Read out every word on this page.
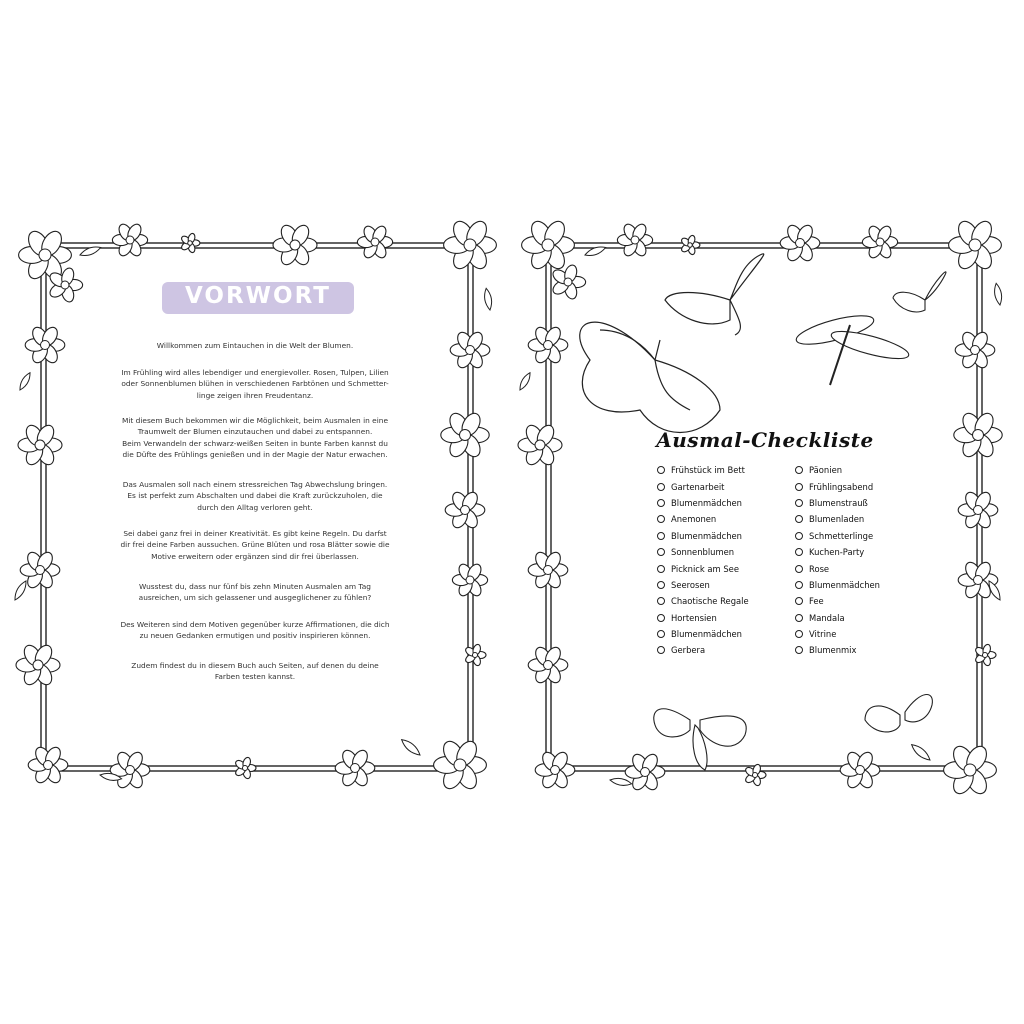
VORWORT
Willkommen zum Eintauchen in die Welt der Blumen.
Im Frühling wird alles lebendiger und energievoller. Rosen, Tulpen, Lilien
oder Sonnenblumen blühen in verschiedenen Farbtönen und Schmetter-
linge zeigen ihren Freudentanz.
Mit diesem Buch bekommen wir die Möglichkeit, beim Ausmalen in eine
Traumwelt der Blumen einzutauchen und dabei zu entspannen.
Beim Verwandeln der schwarz-weißen Seiten in bunte Farben kannst du
die Düfte des Frühlings genießen und in der Magie der Natur erwachen.
Das Ausmalen soll nach einem stressreichen Tag Abwechslung bringen.
Es ist perfekt zum Abschalten und dabei die Kraft zurückzuholen, die
durch den Alltag verloren geht.
Sei dabei ganz frei in deiner Kreativität. Es gibt keine Regeln. Du darfst
dir frei deine Farben aussuchen. Grüne Blüten und rosa Blätter sowie die
Motive erweitern oder ergänzen sind dir frei überlassen.
Wusstest du, dass nur fünf bis zehn Minuten Ausmalen am Tag
ausreichen, um sich gelassener und ausgeglichener zu fühlen?
Des Weiteren sind dem Motiven gegenüber kurze Affirmationen, die dich
zu neuen Gedanken ermutigen und positiv inspirieren können.
Zudem findest du in diesem Buch auch Seiten, auf denen du deine
Farben testen kannst.
Ausmal-Checkliste
Frühstück im Bett
Gartenarbeit
Blumenmädchen
Anemonen
Blumenmädchen
Sonnenblumen
Picknick am See
Seerosen
Chaotische Regale
Hortensien
Blumenmädchen
Gerbera
Päonien
Frühlingsabend
Blumenstrauß
Blumenladen
Schmetterlinge
Kuchen-Party
Rose
Blumenmädchen
Fee
Mandala
Vitrine
Blumenmix
